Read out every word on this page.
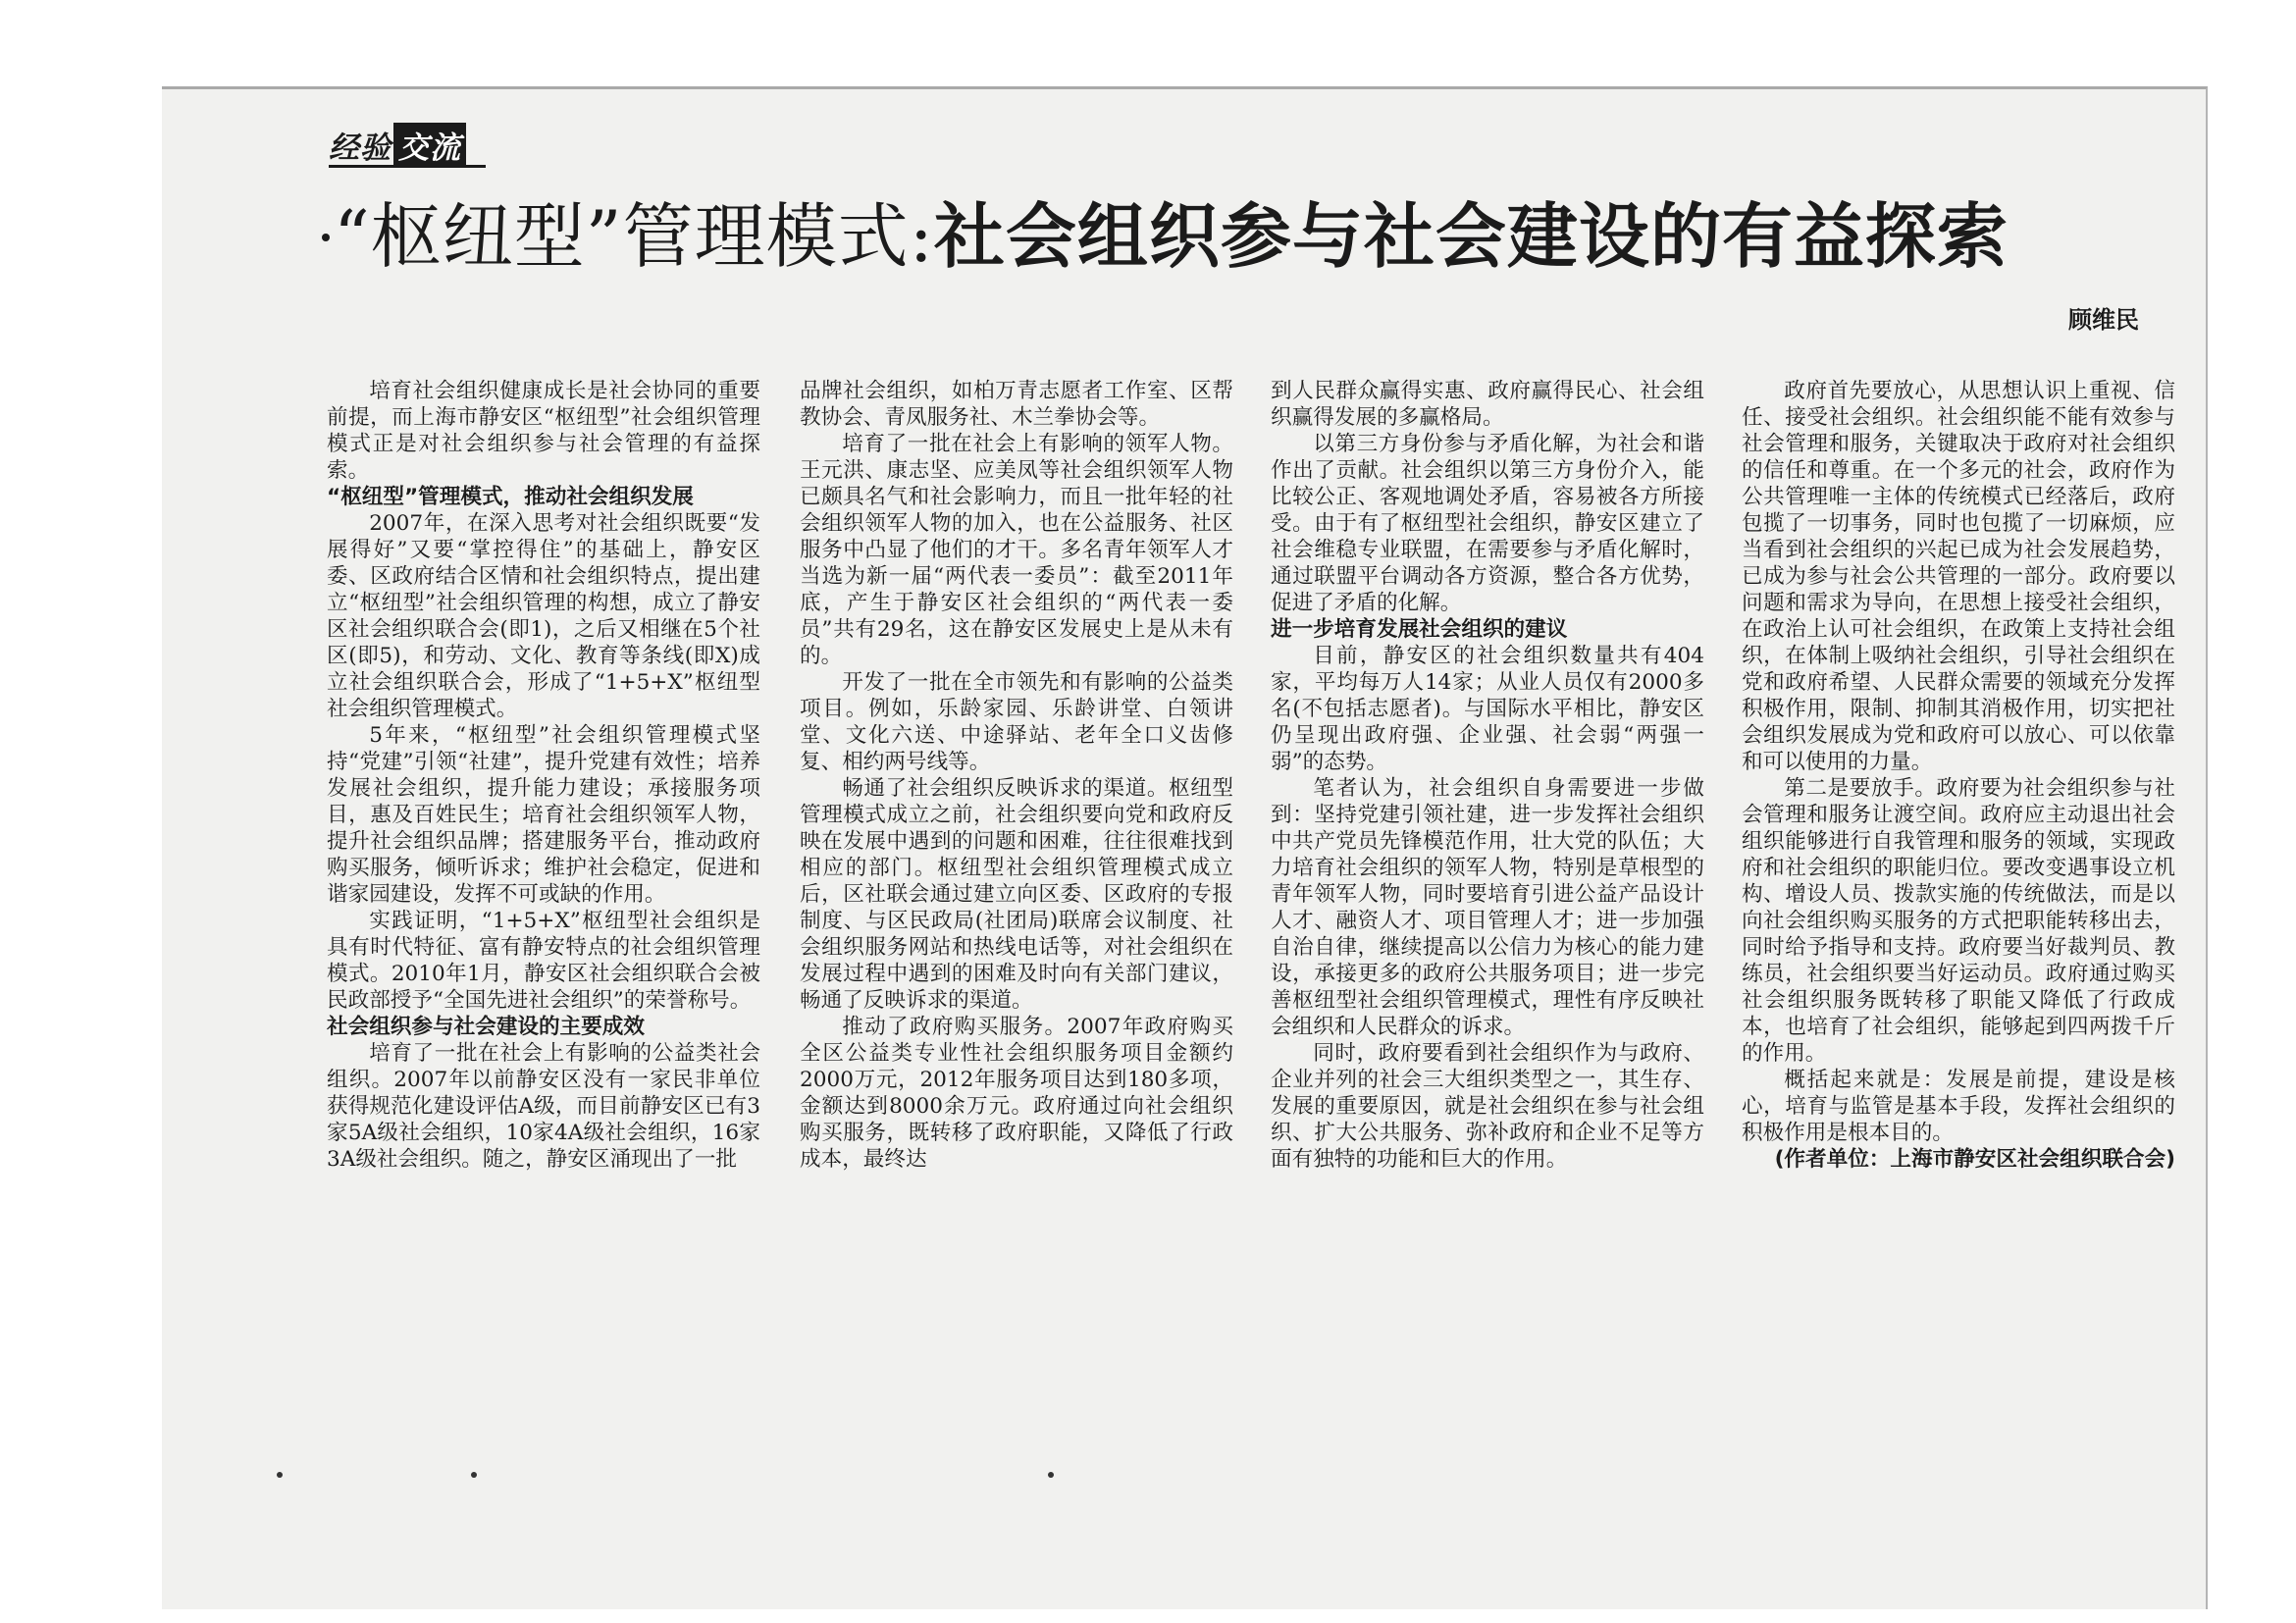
经验 交流
“枢纽型”管理模式:社会组织参与社会建设的有益探索
顾维民

培育社会组织健康成长是社会协同的重要前提，而上海市静安区“枢纽型”社会组织管理模式正是对社会组织参与社会管理的有益探索。

“枢纽型”管理模式，推动社会组织发展

2007年，在深入思考对社会组织既要“发展得好”又要“掌控得住”的基础上，静安区委、区政府结合区情和社会组织特点，提出建立“枢纽型”社会组织管理的构想，成立了静安区社会组织联合会(即1)，之后又相继在5个社区(即5)，和劳动、文化、教育等条线(即X)成立社会组织联合会，形成了“1+5+X”枢纽型社会组织管理模式。

5年来，“枢纽型”社会组织管理模式坚持“党建”引领“社建”，提升党建有效性；培养发展社会组织，提升能力建设；承接服务项目，惠及百姓民生；培育社会组织领军人物，提升社会组织品牌；搭建服务平台，推动政府购买服务，倾听诉求；维护社会稳定，促进和谐家园建设，发挥不可或缺的作用。

实践证明，“1+5+X”枢纽型社会组织是具有时代特征、富有静安特点的社会组织管理模式。2010年1月，静安区社会组织联合会被民政部授予“全国先进社会组织”的荣誉称号。

社会组织参与社会建设的主要成效

培育了一批在社会上有影响的公益类社会组织。2007年以前静安区没有一家民非单位获得规范化建设评估A级，而目前静安区已有3家5A级社会组织，10家4A级社会组织，16家3A级社会组织。随之，静安区涌现出了一批

品牌社会组织，如柏万青志愿者工作室、区帮教协会、青凤服务社、木兰拳协会等。

培育了一批在社会上有影响的领军人物。王元洪、康志坚、应美凤等社会组织领军人物已颇具名气和社会影响力，而且一批年轻的社会组织领军人物的加入，也在公益服务、社区服务中凸显了他们的才干。多名青年领军人才当选为新一届“两代表一委员”：截至2011年底，产生于静安区社会组织的“两代表一委员”共有29名，这在静安区发展史上是从未有的。

开发了一批在全市领先和有影响的公益类项目。例如，乐龄家园、乐龄讲堂、白领讲堂、文化六送、中途驿站、老年全口义齿修复、相约两号线等。

畅通了社会组织反映诉求的渠道。枢纽型管理模式成立之前，社会组织要向党和政府反映在发展中遇到的问题和困难，往往很难找到相应的部门。枢纽型社会组织管理模式成立后，区社联会通过建立向区委、区政府的专报制度、与区民政局(社团局)联席会议制度、社会组织服务网站和热线电话等，对社会组织在发展过程中遇到的困难及时向有关部门建议，畅通了反映诉求的渠道。

推动了政府购买服务。2007年政府购买全区公益类专业性社会组织服务项目金额约2000万元，2012年服务项目达到180多项，金额达到8000余万元。政府通过向社会组织购买服务，既转移了政府职能，又降低了行政成本，最终达

到人民群众赢得实惠、政府赢得民心、社会组织赢得发展的多赢格局。

以第三方身份参与矛盾化解，为社会和谐作出了贡献。社会组织以第三方身份介入，能比较公正、客观地调处矛盾，容易被各方所接受。由于有了枢纽型社会组织，静安区建立了社会维稳专业联盟，在需要参与矛盾化解时，通过联盟平台调动各方资源，整合各方优势，促进了矛盾的化解。

进一步培育发展社会组织的建议

目前，静安区的社会组织数量共有404家，平均每万人14家；从业人员仅有2000多名(不包括志愿者)。与国际水平相比，静安区仍呈现出政府强、企业强、社会弱“两强一弱”的态势。

笔者认为，社会组织自身需要进一步做到：坚持党建引领社建，进一步发挥社会组织中共产党员先锋模范作用，壮大党的队伍；大力培育社会组织的领军人物，特别是草根型的青年领军人物，同时要培育引进公益产品设计人才、融资人才、项目管理人才；进一步加强自治自律，继续提高以公信力为核心的能力建设，承接更多的政府公共服务项目；进一步完善枢纽型社会组织管理模式，理性有序反映社会组织和人民群众的诉求。

同时，政府要看到社会组织作为与政府、企业并列的社会三大组织类型之一，其生存、发展的重要原因，就是社会组织在参与社会组织、扩大公共服务、弥补政府和企业不足等方面有独特的功能和巨大的作用。

政府首先要放心，从思想认识上重视、信任、接受社会组织。社会组织能不能有效参与社会管理和服务，关键取决于政府对社会组织的信任和尊重。在一个多元的社会，政府作为公共管理唯一主体的传统模式已经落后，政府包揽了一切事务，同时也包揽了一切麻烦，应当看到社会组织的兴起已成为社会发展趋势，已成为参与社会公共管理的一部分。政府要以问题和需求为导向，在思想上接受社会组织，在政治上认可社会组织，在政策上支持社会组织，在体制上吸纳社会组织，引导社会组织在党和政府希望、人民群众需要的领域充分发挥积极作用，限制、抑制其消极作用，切实把社会组织发展成为党和政府可以放心、可以依靠和可以使用的力量。

第二是要放手。政府要为社会组织参与社会管理和服务让渡空间。政府应主动退出社会组织能够进行自我管理和服务的领域，实现政府和社会组织的职能归位。要改变遇事设立机构、增设人员、拨款实施的传统做法，而是以向社会组织购买服务的方式把职能转移出去，同时给予指导和支持。政府要当好裁判员、教练员，社会组织要当好运动员。政府通过购买社会组织服务既转移了职能又降低了行政成本，也培育了社会组织，能够起到四两拨千斤的作用。

概括起来就是：发展是前提，建设是核心，培育与监管是基本手段，发挥社会组织的积极作用是根本目的。

(作者单位：上海市静安区社会组织联合会)
